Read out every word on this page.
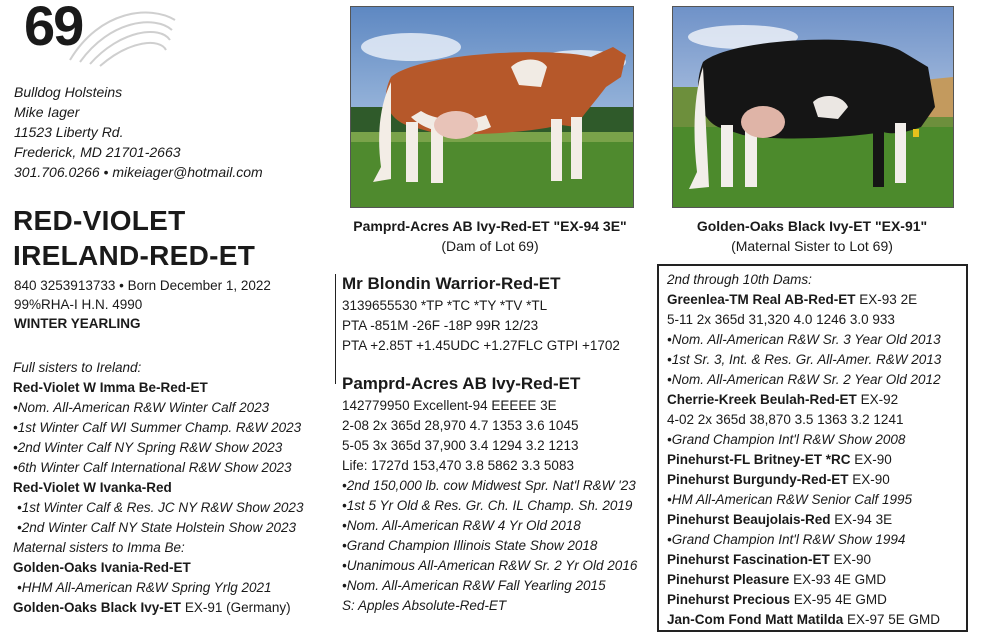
69
Bulldog Holsteins
Mike Iager
11523 Liberty Rd.
Frederick, MD 21701-2663
301.706.0266 • mikeiager@hotmail.com
RED-VIOLET
IRELAND-RED-ET
840 3253913733 • Born December 1, 2022
99%RHA-I H.N. 4990
WINTER YEARLING
Full sisters to Ireland:
Red-Violet W Imma Be-Red-ET
•Nom. All-American R&W Winter Calf 2023
•1st Winter Calf WI Summer Champ. R&W 2023
•2nd Winter Calf NY Spring R&W Show 2023
•6th Winter Calf International R&W Show 2023
Red-Violet W Ivanka-Red
•1st Winter Calf & Res. JC NY R&W Show 2023
•2nd Winter Calf NY State Holstein Show 2023
Maternal sisters to Imma Be:
Golden-Oaks Ivania-Red-ET
•HHM All-American R&W Spring Yrlg 2021
Golden-Oaks Black Ivy-ET EX-91 (Germany)
Pamprd-Acres AB Ivy-Red-ET "EX-94 3E"
(Dam of Lot 69)
Golden-Oaks Black Ivy-ET "EX-91"
(Maternal Sister to Lot 69)
Mr Blondin Warrior-Red-ET
3139655530 *TP *TC *TY *TV *TL
PTA -851M -26F -18P 99R 12/23
PTA +2.85T +1.45UDC +1.27FLC GTPI +1702
Pamprd-Acres AB Ivy-Red-ET
142779950 Excellent-94 EEEEE 3E
2-08 2x 365d 28,970 4.7 1353 3.6 1045
5-05 3x 365d 37,900 3.4 1294 3.2 1213
Life: 1727d 153,470 3.8 5862 3.3 5083
•2nd 150,000 lb. cow Midwest Spr. Nat'l R&W '23
•1st 5 Yr Old & Res. Gr. Ch. IL Champ. Sh. 2019
•Nom. All-American R&W 4 Yr Old 2018
•Grand Champion Illinois State Show 2018
•Unanimous All-American R&W Sr. 2 Yr Old 2016
•Nom. All-American R&W Fall Yearling 2015
S: Apples Absolute-Red-ET
2nd through 10th Dams:
Greenlea-TM Real AB-Red-ET EX-93 2E
5-11 2x 365d 31,320 4.0 1246 3.0 933
•Nom. All-American R&W Sr. 3 Year Old 2013
•1st Sr. 3, Int. & Res. Gr. All-Amer. R&W 2013
•Nom. All-American R&W Sr. 2 Year Old 2012
Cherrie-Kreek Beulah-Red-ET EX-92
4-02 2x 365d 38,870 3.5 1363 3.2 1241
•Grand Champion Int'l R&W Show 2008
Pinehurst-FL Britney-ET *RC EX-90
Pinehurst Burgundy-Red-ET EX-90
•HM All-American R&W Senior Calf 1995
Pinehurst Beaujolais-Red EX-94 3E
•Grand Champion Int'l R&W Show 1994
Pinehurst Fascination-ET EX-90
Pinehurst Pleasure EX-93 4E GMD
Pinehurst Precious EX-95 4E GMD
Jan-Com Fond Matt Matilda EX-97 5E GMD
